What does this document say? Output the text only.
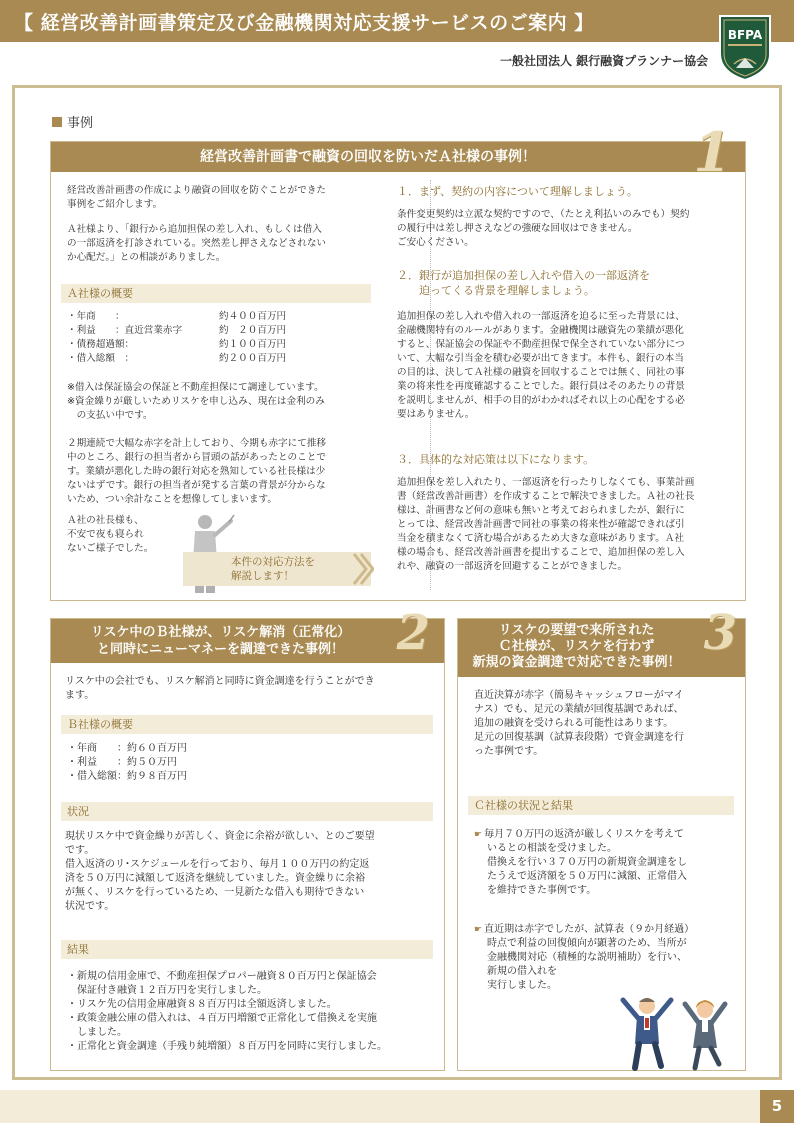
【 経営改善計画書策定及び金融機関対応支援サービスのご案内 】
BFPA
一般社団法人 銀行融資プランナー協会
事例
経営改善計画書で融資の回収を防いだＡ社様の事例！	1
経営改善計画書の作成により融資の回収を防ぐことができた
事例をご紹介します。
Ａ社様より、「銀行から追加担保の差し入れ、もしくは借入
の一部返済を打診されている。突然差し押さえなどされない
か心配だ。」との相談がありました。
Ａ社様の概要
・年商　　：	約４００百万円
・利益　　：直近営業赤字	約　２０百万円
・債務超過額：	約１００百万円
・借入総額　：	約２００百万円
※借入は保証協会の保証と不動産担保にて調達しています。
※資金繰りが厳しいためリスケを申し込み、現在は金利のみ
　の支払い中です。
２期連続で大幅な赤字を計上しており、今期も赤字にて推移
中のところ、銀行の担当者から冒頭の話があったとのことで
す。業績が悪化した時の銀行対応を熟知している社長様は少
ないはずです。銀行の担当者が発する言葉の背景が分からな
いため、つい余計なことを想像してしまいます。
Ａ社の社長様も、
不安で夜も寝られ
ないご様子でした。
１．まず、契約の内容について理解しましょう。
条件変更契約は立派な契約ですので、（たとえ利払いのみでも）契約
の履行中は差し押さえなどの強硬な回収はできません。
ご安心ください。
２．銀行が追加担保の差し入れや借入の一部返済を
　　迫ってくる背景を理解しましょう。
追加担保の差し入れや借入れの一部返済を迫るに至った背景には、
金融機関特有のルールがあります。金融機関は融資先の業績が悪化
すると、保証協会の保証や不動産担保で保全されていない部分につ
いて、大幅な引当金を積む必要が出てきます。本件も、銀行の本当
の目的は、決してＡ社様の融資を回収することでは無く、同社の事
業の将来性を再度確認することでした。銀行員はそのあたりの背景
を説明しませんが、相手の目的がわかればそれ以上の心配をする必
要はありません。
３．具体的な対応策は以下になります。
追加担保を差し入れたり、一部返済を行ったりしなくても、事業計画
書（経営改善計画書）を作成することで解決できました。Ａ社の社長
様は、計画書など何の意味も無いと考えておられましたが、銀行に
とっては、経営改善計画書で同社の事業の将来性が確認できれば引
当金を積まなくて済む場合があるため大きな意味があります。Ａ社
様の場合も、経営改善計画書を提出することで、追加担保の差し入
れや、融資の一部返済を回避することができました。
本件の対応方法を
解説します！
リスケ中のＢ社様が、リスケ解消（正常化）
と同時にニューマネーを調達できた事例！	2
リスケ中の会社でも、リスケ解消と同時に資金調達を行うことができ
ます。
Ｂ社様の概要
・年商　　：約６０百万円
・利益　　：約５０万円
・借入総額：約９８百万円
状況
現状リスケ中で資金繰りが苦しく、資金に余裕が欲しい、とのご要望
です。
借入返済のリ･スケジュールを行っており、毎月１００万円の約定返
済を５０万円に減額して返済を継続していました。資金繰りに余裕
が無く、リスケを行っているため、一見新たな借入も期待できない
状況です。
結果
・新規の信用金庫で、不動産担保プロパー融資８０百万円と保証協会
　保証付き融資１２百万円を実行しました。
・リスケ先の信用金庫融資８８百万円は全額返済しました。
・政策金融公庫の借入れは、４百万円増額で正常化して借換えを実施
　しました。
・正常化と資金調達（手残り純増額）８百万円を同時に実行しました。
リスケの要望で来所された
Ｃ社様が、リスケを行わず
新規の資金調達で対応できた事例！
3
直近決算が赤字（簡易キャッシュフローがマイ
ナス）でも、足元の業績が回復基調であれば、
追加の融資を受けられる可能性はあります。
足元の回復基調（試算表段階）で資金調達を行
った事例です。
Ｃ社様の状況と結果
☛ 毎月７０万円の返済が厳しくリスケを考えて
いるとの相談を受けました。
借換えを行い３７０万円の新規資金調達をし
たうえで返済額を５０万円に減額、正常借入
を維持できた事例です。
☛ 直近期は赤字でしたが、試算表（９か月経過）
時点で利益の回復傾向が顕著のため、当所が
金融機関対応（積極的な説明補助）を行い、
新規の借入れを
実行しました。
5
